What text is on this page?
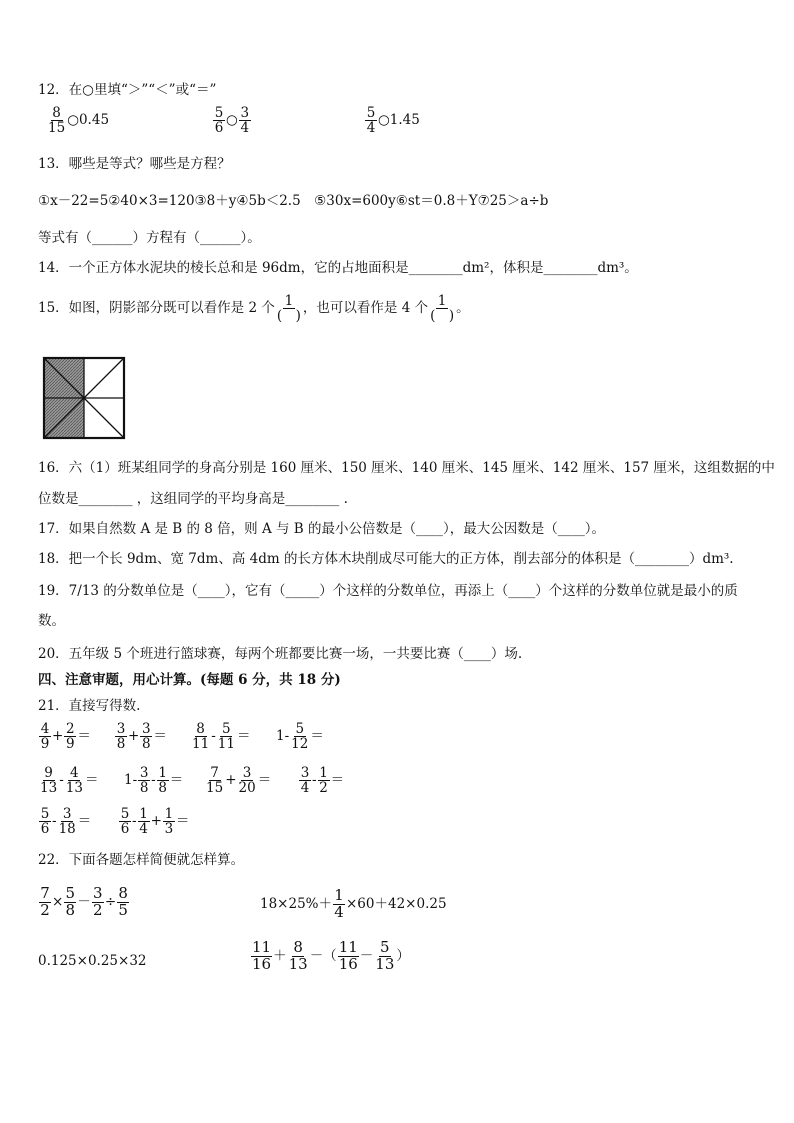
12．在○里填“＞”“＜”或“＝”
$\frac{8}{15}$ ○0.45	$\frac{5}{6}$ ○ $\frac{3}{4}$	$\frac{5}{4}$ ○1.45
13．哪些是等式？哪些是方程？
①x－22=5②40×3=120③8＋y④5b＜2.5　⑤30x=600y⑥st＝0.8＋Y⑦25＞a÷b
等式有（______）方程有（______）。
14．一个正方体水泥块的棱长总和是 96dm，它的占地面积是________dm²，体积是________dm³。
15．如图，阴影部分既可以看作是 2 个 $\frac{1}{( )}$ ，也可以看作是 4 个 $\frac{1}{( )}$ 。
16．六（1）班某组同学的身高分别是 160 厘米、150 厘米、140 厘米、145 厘米、142 厘米、157 厘米，这组数据的中
位数是________ ，这组同学的平均身高是________ .
17．如果自然数 A 是 B 的 8 倍，则 A 与 B 的最小公倍数是（____），最大公因数是（____）。
18．把一个长 9dm、宽 7dm、高 4dm 的长方体木块削成尽可能大的正方体，削去部分的体积是（________）dm³.
19．7/13 的分数单位是（____），它有（_____）个这样的分数单位，再添上（____）个这样的分数单位就是最小的质
数。
20．五年级 5 个班进行篮球赛，每两个班都要比赛一场，一共要比赛（____）场.
四、注意审题，用心计算。(每题 6 分，共 18 分)
21．直接写得数.
$\frac{4}{9} + \frac{2}{9} = \frac{3}{8} + \frac{3}{8} = \frac{8}{11} - \frac{5}{11} = 1- \frac{5}{12}$ ＝
$\frac{9}{13} - \frac{4}{13} = 1- \frac{3}{8} - \frac{1}{8} = \frac{7}{15} + \frac{3}{20} = \frac{3}{4} - \frac{1}{2}$ ＝
$\frac{5}{6} - \frac{3}{18} = \frac{5}{6} - \frac{1}{4} + \frac{1}{3}$ ＝
22．下面各题怎样简便就怎样算。
$\frac{7}{2} \times \frac{5}{8} - \frac{3}{2} \div \frac{8}{5}$	$18\times 25\%+ \frac{1}{4} \times 60+42\times 0.25$
0.125×0.25×32	$\frac{11}{16} + \frac{8}{13}$ －（ $\frac{11}{16} - \frac{5}{13}$ ）
